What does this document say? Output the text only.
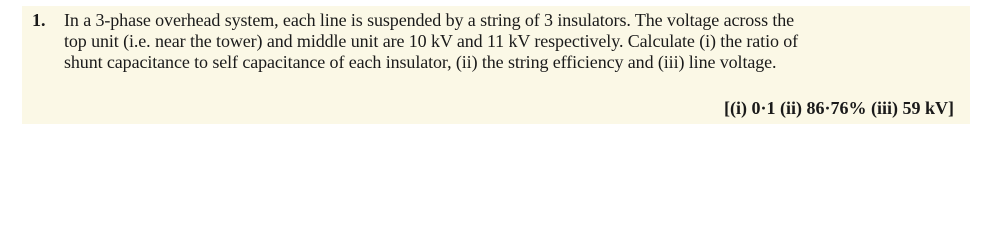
1. In a 3-phase overhead system, each line is suspended by a string of 3 insulators. The voltage across the
top unit (i.e. near the tower) and middle unit are 10 kV and 11 kV respectively. Calculate (i) the ratio of
shunt capacitance to self capacitance of each insulator, (ii) the string efficiency and (iii) line voltage.
[(i) 0·1 (ii) 86·76% (iii) 59 kV]
